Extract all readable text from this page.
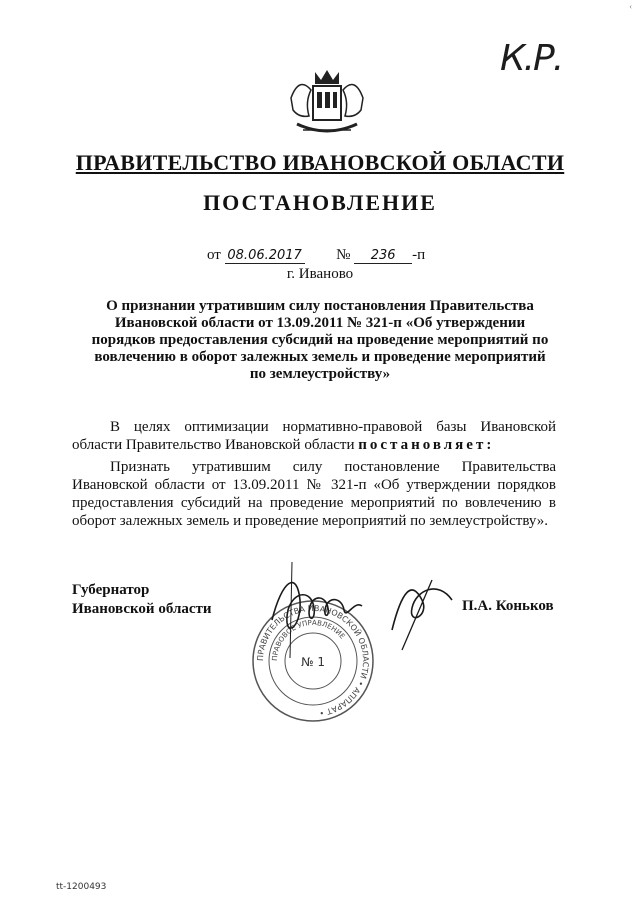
‹
К.Р.
ПРАВИТЕЛЬСТВО ИВАНОВСКОЙ ОБЛАСТИ
ПОСТАНОВЛЕНИЕ
от 08.06.2017 № 236 -п
г. Иваново
О признании утратившим силу постановления Правительства Ивановской области от 13.09.2011 № 321-п «Об утверждении порядков предоставления субсидий на проведение мероприятий по вовлечению в оборот залежных земель и проведение мероприятий по землеустройству»
В целях оптимизации нормативно-правовой базы Ивановской области Правительство Ивановской области постановляет:
Признать утратившим силу постановление Правительства Ивановской области от 13.09.2011 № 321-п «Об утверждении порядков предоставления субсидий на проведение мероприятий по вовлечению в оборот залежных земель и проведение мероприятий по землеустройству».
Губернатор
Ивановской области	П.А. Коньков
ПРАВИТЕЛЬСТВА ИВАНОВСКОЙ ОБЛАСТИ • АППАРАТ •
ПРАВОВОЕ УПРАВЛЕНИЕ
№ 1
tt-1200493
